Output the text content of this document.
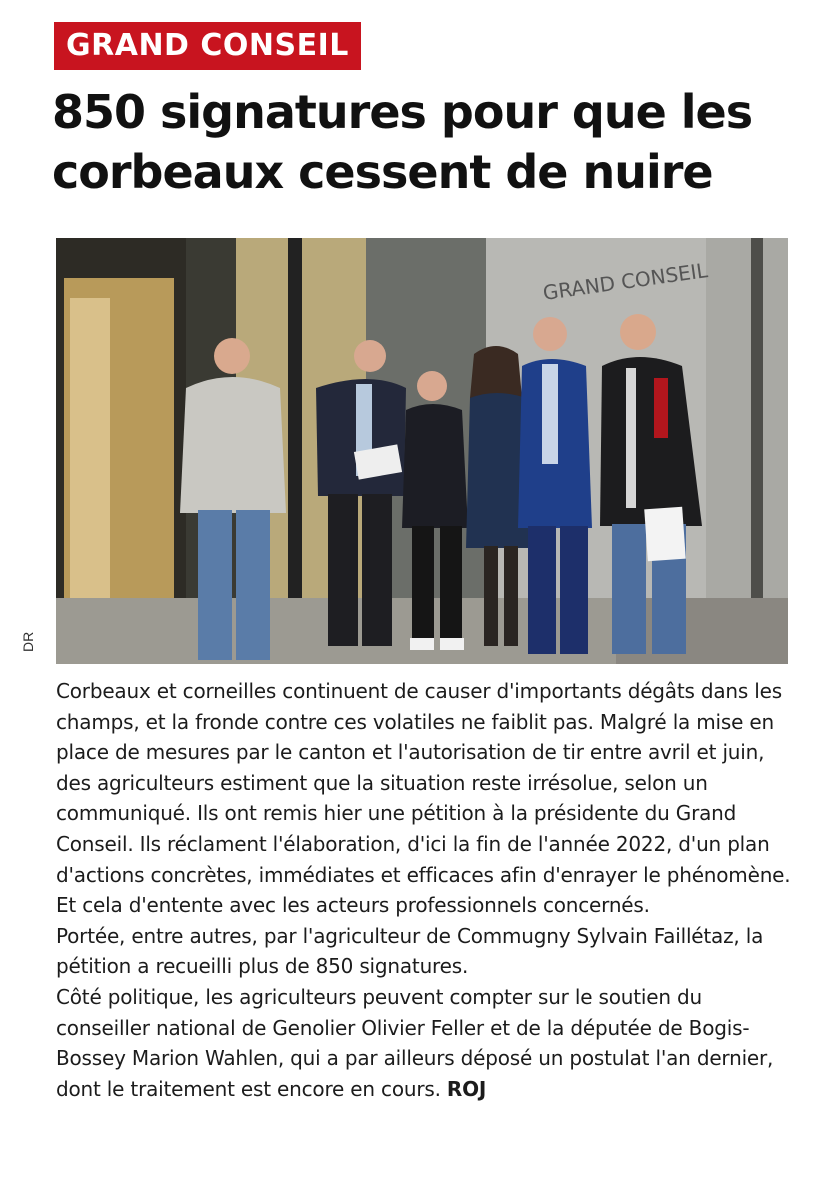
GRAND CONSEIL
850 signatures pour que les corbeaux cessent de nuire
GRAND CONSEIL
DR

Corbeaux et corneilles continuent de causer d'importants dégâts dans les champs, et la fronde contre ces volatiles ne faiblit pas. Malgré la mise en place de mesures par le canton et l'autorisation de tir entre avril et juin, des agriculteurs estiment que la situation reste irrésolue, selon un communiqué. Ils ont remis hier une pétition à la présidente du Grand Conseil. Ils réclament l'élaboration, d'ici la fin de l'année 2022, d'un plan d'actions concrètes, immédiates et efficaces afin d'enrayer le phénomène. Et cela d'entente avec les acteurs professionnels concernés.

Portée, entre autres, par l'agriculteur de Commugny Sylvain Faillétaz, la pétition a recueilli plus de 850 signatures.

Côté politique, les agriculteurs peuvent compter sur le soutien du conseiller national de Genolier Olivier Feller et de la députée de Bogis-Bossey Marion Wahlen, qui a par ailleurs déposé un postulat l'an dernier, dont le traitement est encore en cours. ROJ
